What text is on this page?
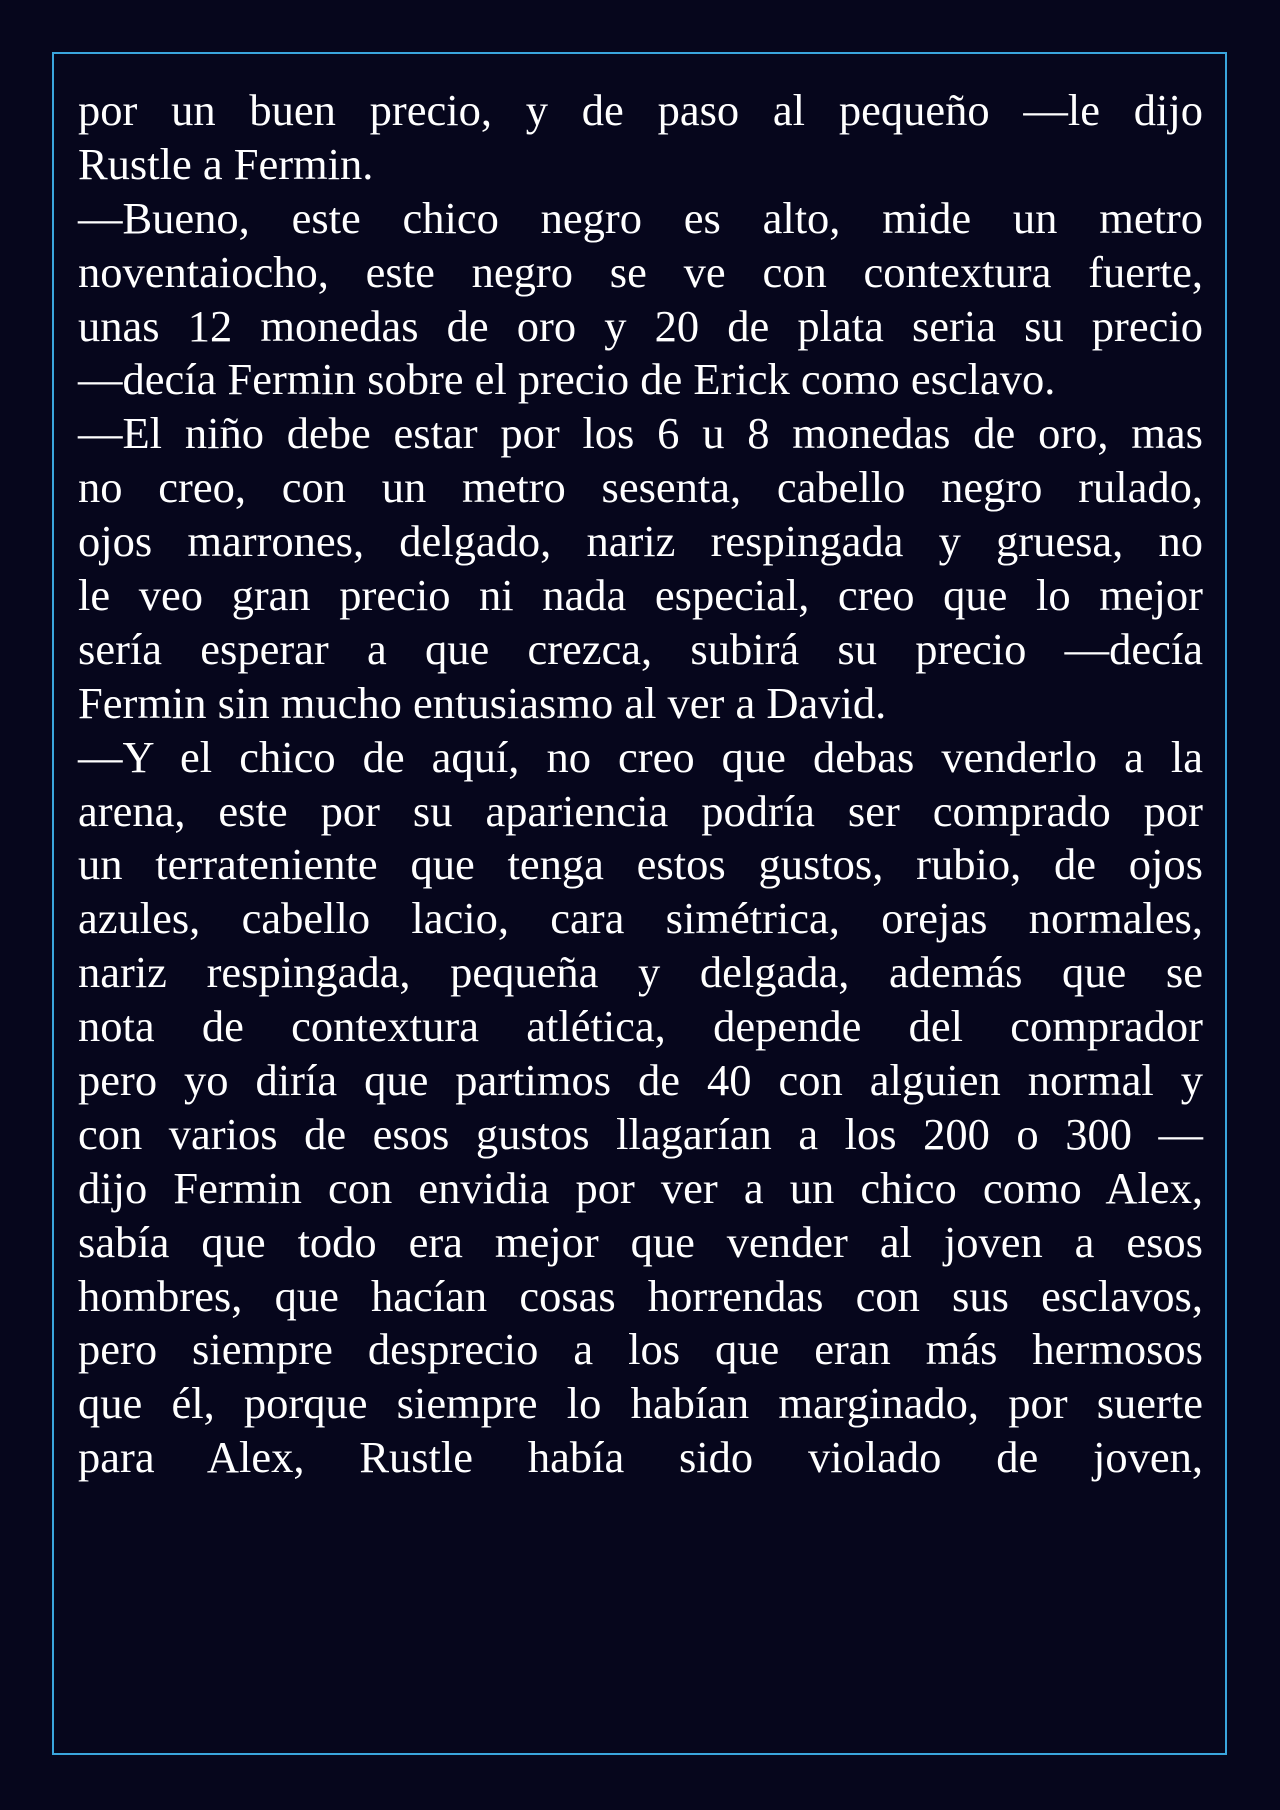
por un buen precio, y de paso al pequeño —le dijo
Rustle a Fermin.
—Bueno, este chico negro es alto, mide un metro
noventaiocho, este negro se ve con contextura fuerte,
unas 12 monedas de oro y 20 de plata seria su precio
—decía Fermin sobre el precio de Erick como esclavo.
—El niño debe estar por los 6 u 8 monedas de oro, mas
no creo, con un metro sesenta, cabello negro rulado,
ojos marrones, delgado, nariz respingada y gruesa, no
le veo gran precio ni nada especial, creo que lo mejor
sería esperar a que crezca, subirá su precio —decía
Fermin sin mucho entusiasmo al ver a David.
—Y el chico de aquí, no creo que debas venderlo a la
arena, este por su apariencia podría ser comprado por
un terrateniente que tenga estos gustos, rubio, de ojos
azules, cabello lacio, cara simétrica, orejas normales,
nariz respingada, pequeña y delgada, además que se
nota de contextura atlética, depende del comprador
pero yo diría que partimos de 40 con alguien normal y
con varios de esos gustos llagarían a los 200 o 300 —
dijo Fermin con envidia por ver a un chico como Alex,
sabía que todo era mejor que vender al joven a esos
hombres, que hacían cosas horrendas con sus esclavos,
pero siempre desprecio a los que eran más hermosos
que él, porque siempre lo habían marginado, por suerte
para Alex, Rustle había sido violado de joven,
